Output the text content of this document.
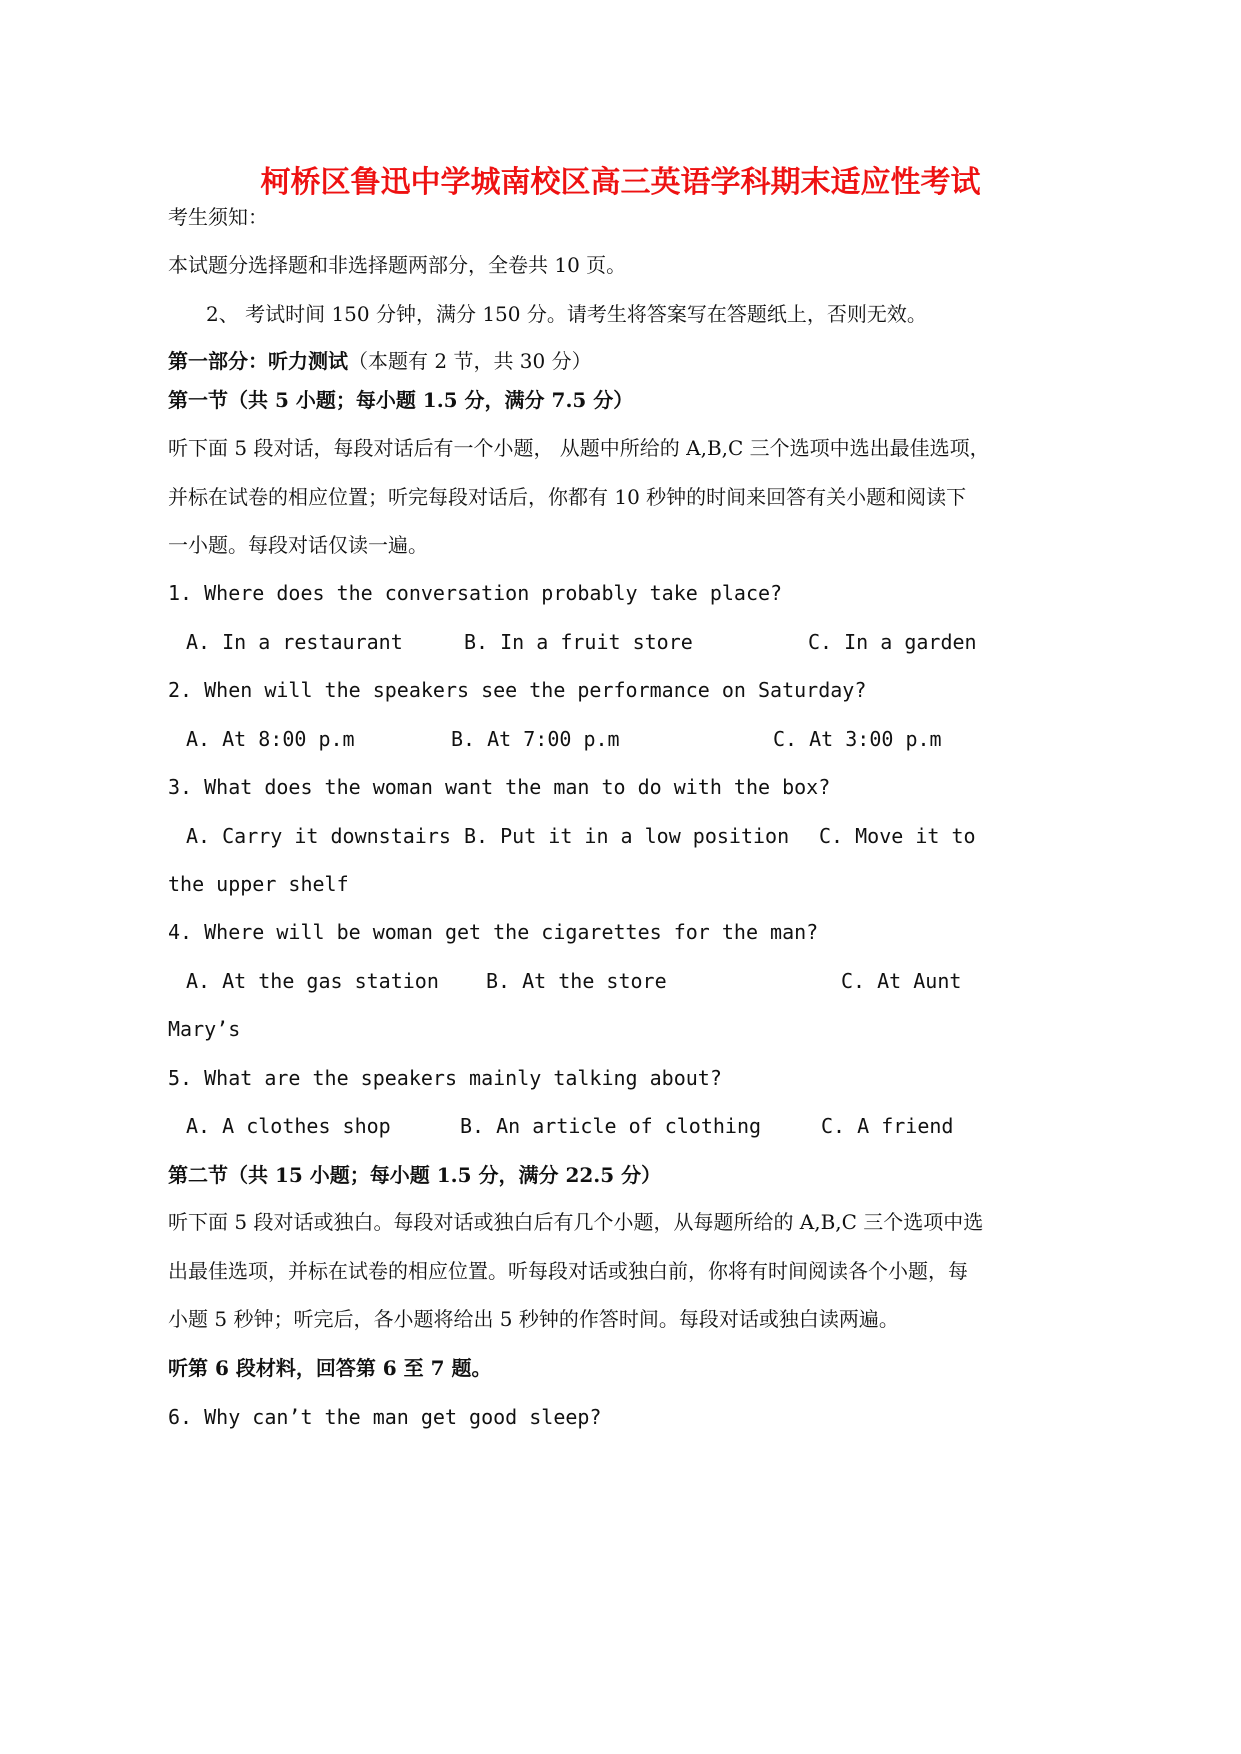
柯桥区鲁迅中学城南校区高三英语学科期末适应性考试
考生须知：
本试题分选择题和非选择题两部分，全卷共 10 页。
2、 考试时间 150 分钟，满分 150 分。请考生将答案写在答题纸上，否则无效。
第一部分：听力测试（本题有 2 节，共 30 分）
第一节（共 5 小题；每小题 1.5 分，满分 7.5 分）
听下面 5 段对话，每段对话后有一个小题， 从题中所给的 A,B,C 三个选项中选出最佳选项，
并标在试卷的相应位置；听完每段对话后，你都有 10 秒钟的时间来回答有关小题和阅读下
一小题。每段对话仅读一遍。
1. Where does the conversation probably take place?
A. In a restaurant	B. In a fruit store	C. In a garden
2. When will the speakers see the performance on Saturday?
A. At 8:00 p.m	B. At 7:00 p.m	C. At 3:00 p.m
3. What does the woman want the man to do with the box?
A. Carry it downstairs B. Put it in a low position C. Move it to
the upper shelf
4. Where will be woman get the cigarettes for the man?
A. At the gas station B. At the store	C. At Aunt
Mary’s
5. What are the speakers mainly talking about?
A. A clothes shop	B. An article of clothing	C. A friend
第二节（共 15 小题；每小题 1.5 分，满分 22.5 分）
听下面 5 段对话或独白。每段对话或独白后有几个小题，从每题所给的 A,B,C 三个选项中选
出最佳选项，并标在试卷的相应位置。听每段对话或独白前，你将有时间阅读各个小题，每
小题 5 秒钟；听完后，各小题将给出 5 秒钟的作答时间。每段对话或独白读两遍。
听第 6 段材料，回答第 6 至 7 题。
6. Why can’t the man get good sleep?
